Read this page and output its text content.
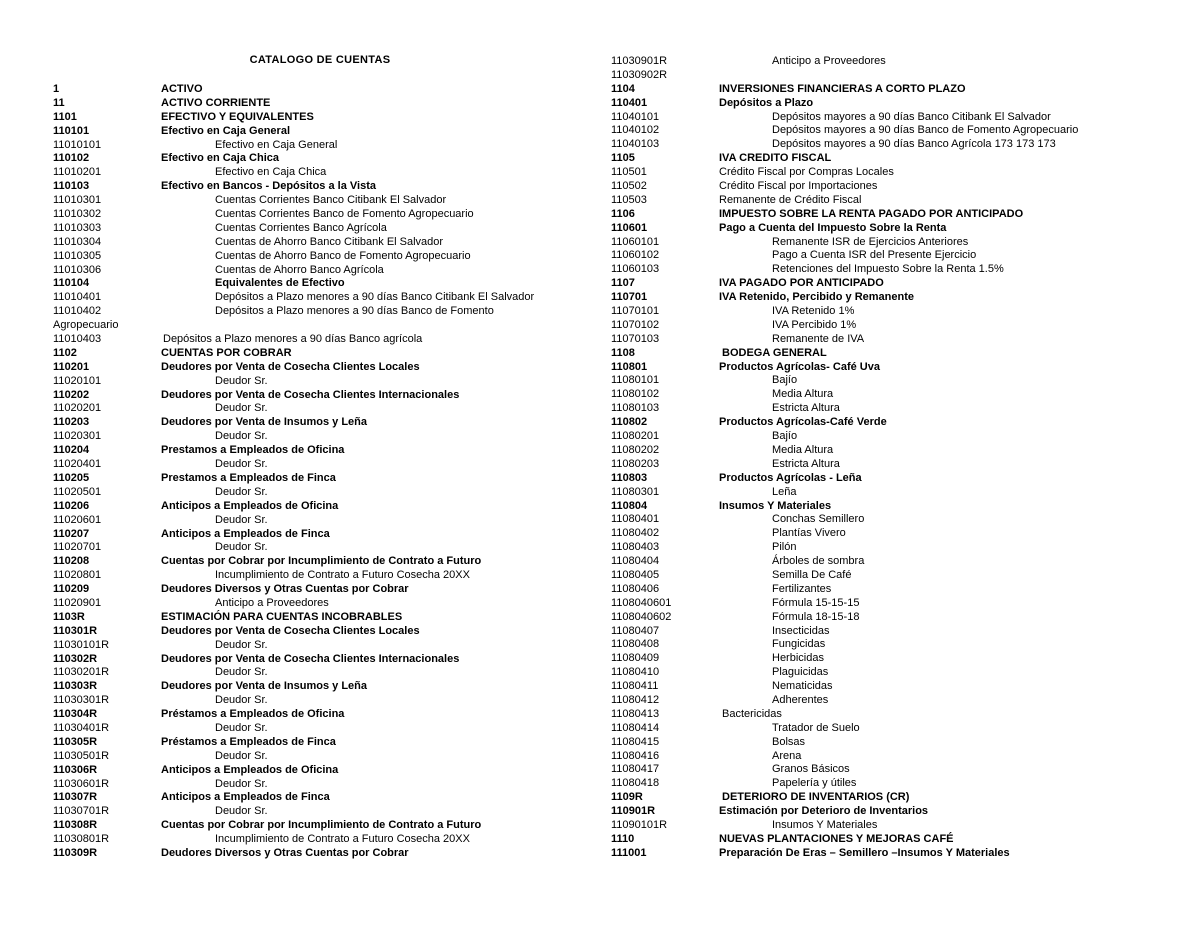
CATALOGO DE CUENTAS
1	ACTIVO
11	ACTIVO CORRIENTE
1101	EFECTIVO Y EQUIVALENTES
110101	Efectivo en Caja General
11010101	Efectivo en Caja General
110102	Efectivo en Caja Chica
11010201	Efectivo en Caja Chica
110103	Efectivo en Bancos - Depósitos a la Vista
11010301	Cuentas Corrientes Banco Citibank El Salvador
11010302	Cuentas Corrientes Banco de Fomento Agropecuario
11010303	Cuentas Corrientes Banco Agrícola
11010304	Cuentas de Ahorro Banco Citibank El Salvador
11010305	Cuentas de Ahorro Banco de Fomento Agropecuario
11010306	Cuentas de Ahorro Banco Agrícola
110104	Equivalentes de Efectivo
11010401	Depósitos a Plazo menores a 90 días Banco Citibank El Salvador
11010402	Depósitos a Plazo menores a 90 días Banco de Fomento
Agropecuario
11010403	Depósitos a Plazo menores a 90 días Banco agrícola
1102	CUENTAS POR COBRAR
110201	Deudores por Venta de Cosecha Clientes Locales
11020101	Deudor Sr.
110202	Deudores por Venta de Cosecha Clientes Internacionales
11020201	Deudor Sr.
110203	Deudores por Venta de Insumos y Leña
11020301	Deudor Sr.
110204	Prestamos a Empleados de Oficina
11020401	Deudor Sr.
110205	Prestamos a Empleados de Finca
11020501	Deudor Sr.
110206	Anticipos a Empleados de Oficina
11020601	Deudor Sr.
110207	Anticipos a Empleados de Finca
11020701	Deudor Sr.
110208	Cuentas por Cobrar por Incumplimiento de Contrato a Futuro
11020801	Incumplimiento de Contrato a Futuro Cosecha 20XX
110209	Deudores Diversos y Otras Cuentas por Cobrar
11020901	Anticipo a Proveedores
1103R	ESTIMACIÓN PARA CUENTAS INCOBRABLES
110301R	Deudores por Venta de Cosecha Clientes Locales
11030101R	Deudor Sr.
110302R	Deudores por Venta de Cosecha Clientes Internacionales
11030201R	Deudor Sr.
110303R	Deudores por Venta de Insumos y Leña
11030301R	Deudor Sr.
110304R	Préstamos a Empleados de Oficina
11030401R	Deudor Sr.
110305R	Préstamos a Empleados de Finca
11030501R	Deudor Sr.
110306R	Anticipos a Empleados de Oficina
11030601R	Deudor Sr.
110307R	Anticipos a Empleados de Finca
11030701R	Deudor Sr.
110308R	Cuentas por Cobrar por Incumplimiento de Contrato a Futuro
11030801R	Incumplimiento de Contrato a Futuro Cosecha 20XX
110309R	Deudores Diversos y Otras Cuentas por Cobrar
11030901R	Anticipo a Proveedores
11030902R
1104	INVERSIONES FINANCIERAS A CORTO PLAZO
110401	Depósitos a Plazo
11040101	Depósitos mayores a 90 días Banco Citibank El Salvador
11040102	Depósitos mayores a 90 días Banco de Fomento Agropecuario
11040103	Depósitos mayores a 90 días Banco Agrícola 173 173 173
1105	IVA CREDITO FISCAL
110501	Crédito Fiscal por Compras Locales
110502	Crédito Fiscal por Importaciones
110503	Remanente de Crédito Fiscal
1106	IMPUESTO SOBRE LA RENTA PAGADO POR ANTICIPADO
110601	Pago a Cuenta del Impuesto Sobre la Renta
11060101	Remanente ISR de Ejercicios Anteriores
11060102	Pago a Cuenta ISR del Presente Ejercicio
11060103	Retenciones del Impuesto Sobre la Renta 1.5%
1107	IVA PAGADO POR ANTICIPADO
110701	IVA Retenido, Percibido y Remanente
11070101	IVA Retenido 1%
11070102	IVA Percibido 1%
11070103	Remanente de IVA
1108	BODEGA GENERAL
110801	Productos Agrícolas- Café Uva
11080101	Bajío
11080102	Media Altura
11080103	Estricta Altura
110802	Productos Agrícolas-Café Verde
11080201	Bajío
11080202	Media Altura
11080203	Estricta Altura
110803	Productos Agrícolas - Leña
11080301	Leña
110804	Insumos Y Materiales
11080401	Conchas Semillero
11080402	Plantías Vivero
11080403	Pilón
11080404	Árboles de sombra
11080405	Semilla De Café
11080406	Fertilizantes
1108040601	Fórmula 15-15-15
1108040602	Fórmula 18-15-18
11080407	Insecticidas
11080408	Fungicidas
11080409	Herbicidas
11080410	Plaguicidas
11080411	Nematicidas
11080412	Adherentes
11080413	Bactericidas
11080414	Tratador de Suelo
11080415	Bolsas
11080416	Arena
11080417	Granos Básicos
11080418	Papelería y útiles
1109R	DETERIORO DE INVENTARIOS (CR)
110901R	Estimación por Deterioro de Inventarios
11090101R	Insumos Y Materiales
1110	NUEVAS PLANTACIONES Y MEJORAS CAFÉ
111001	Preparación De Eras – Semillero –Insumos Y Materiales
